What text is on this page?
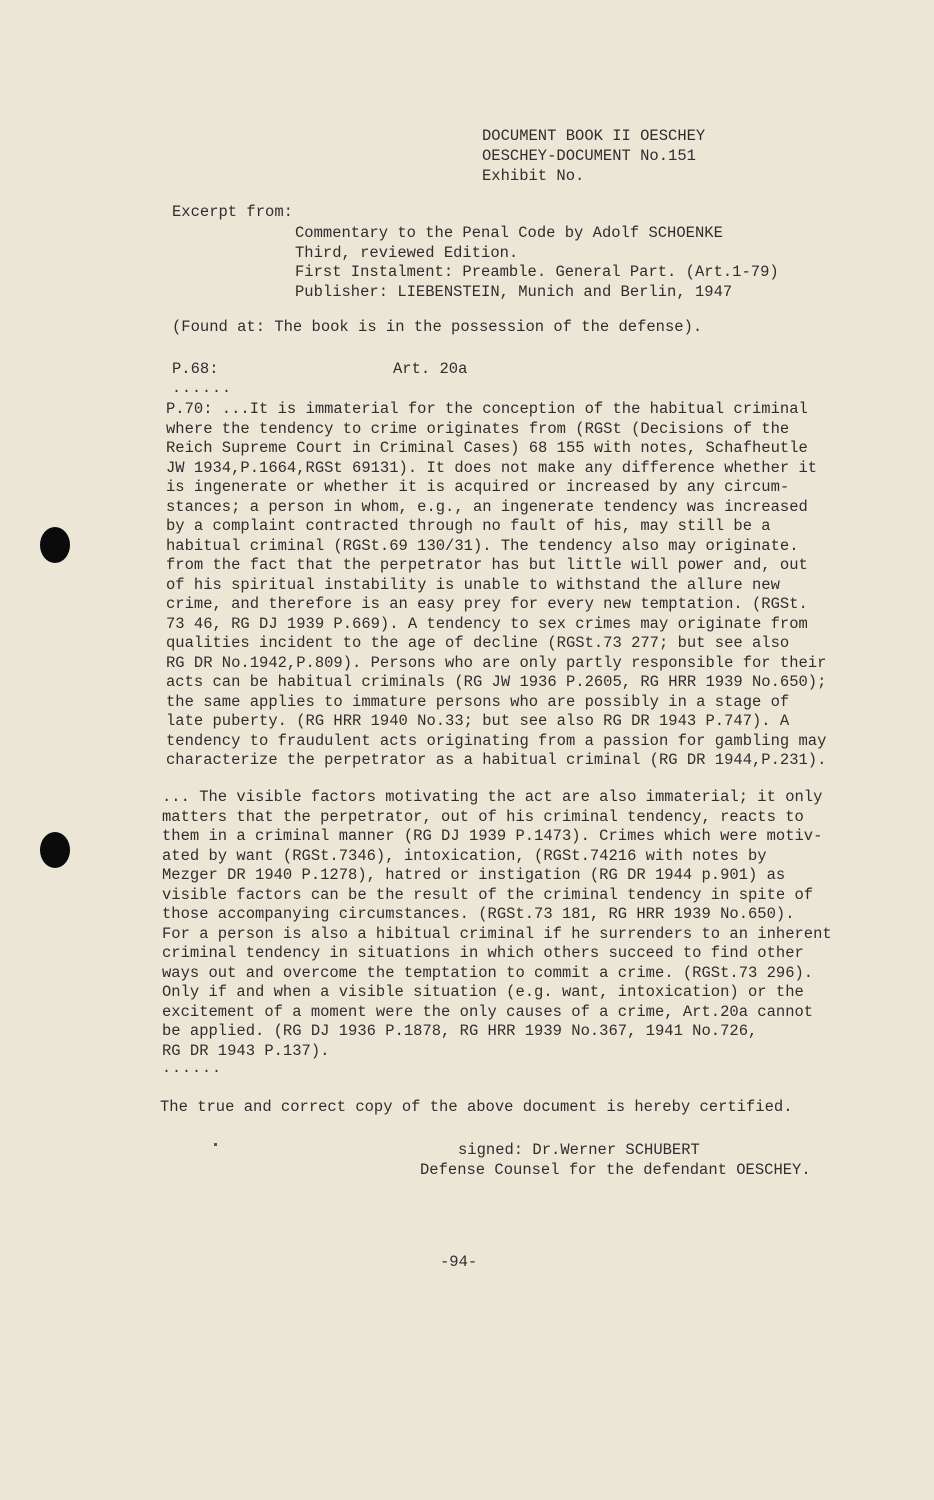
DOCUMENT BOOK II OESCHEY
OESCHEY-DOCUMENT No.151
Exhibit No.
Excerpt from:
Commentary to the Penal Code by Adolf SCHOENKE
Third, reviewed Edition.
First Instalment: Preamble. General Part. (Art.1-79)
Publisher: LIEBENSTEIN, Munich and Berlin, 1947
(Found at: The book is in the possession of the defense).
P.68:	Art. 20a
......
P.70: ...It is immaterial for the conception of the habitual criminal
where the tendency to crime originates from (RGSt (Decisions of the
Reich Supreme Court in Criminal Cases) 68 155 with notes, Schafheutle
JW 1934,P.1664,RGSt 69131). It does not make any difference whether it
is ingenerate or whether it is acquired or increased by any circum-
stances; a person in whom, e.g., an ingenerate tendency was increased
by a complaint contracted through no fault of his, may still be a
habitual criminal (RGSt.69 130/31). The tendency also may originate.
from the fact that the perpetrator has but little will power and, out
of his spiritual instability is unable to withstand the allure new
crime, and therefore is an easy prey for every new temptation. (RGSt.
73 46, RG DJ 1939 P.669). A tendency to sex crimes may originate from
qualities incident to the age of decline (RGSt.73 277; but see also
RG DR No.1942,P.809). Persons who are only partly responsible for their
acts can be habitual criminals (RG JW 1936 P.2605, RG HRR 1939 No.650);
the same applies to immature persons who are possibly in a stage of
late puberty. (RG HRR 1940 No.33; but see also RG DR 1943 P.747). A
tendency to fraudulent acts originating from a passion for gambling may
characterize the perpetrator as a habitual criminal (RG DR 1944,P.231).
... The visible factors motivating the act are also immaterial; it only
matters that the perpetrator, out of his criminal tendency, reacts to
them in a criminal manner (RG DJ 1939 P.1473). Crimes which were motiv-
ated by want (RGSt.7346), intoxication, (RGSt.74216 with notes by
Mezger DR 1940 P.1278), hatred or instigation (RG DR 1944 p.901) as
visible factors can be the result of the criminal tendency in spite of
those accompanying circumstances. (RGSt.73 181, RG HRR 1939 No.650).
For a person is also a hibitual criminal if he surrenders to an inherent
criminal tendency in situations in which others succeed to find other
ways out and overcome the temptation to commit a crime. (RGSt.73 296).
Only if and when a visible situation (e.g. want, intoxication) or the
excitement of a moment were the only causes of a crime, Art.20a cannot
be applied. (RG DJ 1936 P.1878, RG HRR 1939 No.367, 1941 No.726,
RG DR 1943 P.137).
......
The true and correct copy of the above document is hereby certified.
signed: Dr.Werner SCHUBERT
Defense Counsel for the defendant OESCHEY.
-94-
